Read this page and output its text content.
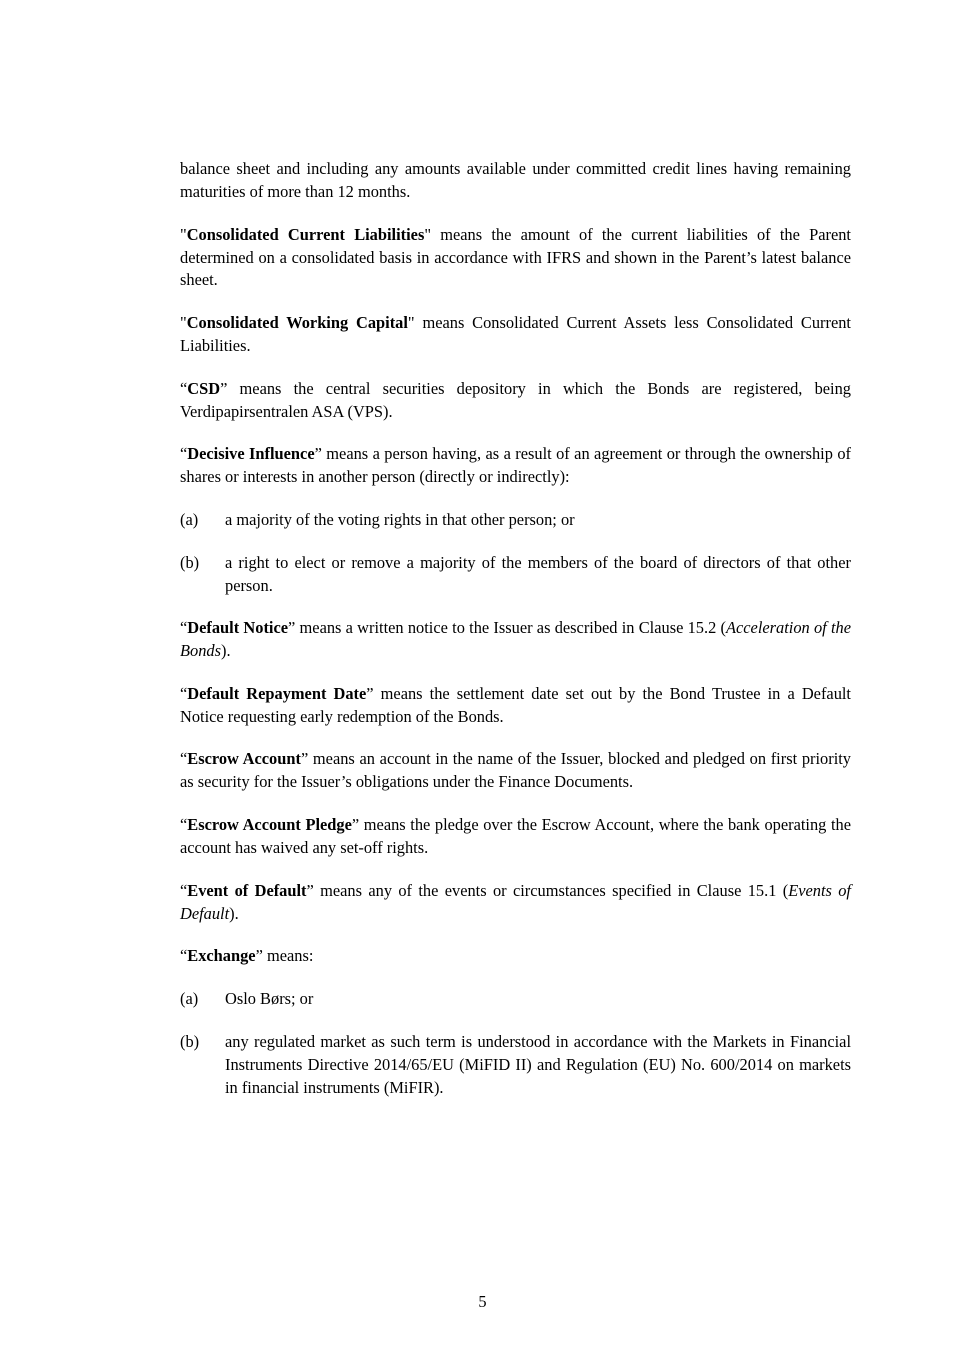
balance sheet and including any amounts available under committed credit lines having remaining maturities of more than 12 months.

"Consolidated Current Liabilities" means the amount of the current liabilities of the Parent determined on a consolidated basis in accordance with IFRS and shown in the Parent’s latest balance sheet.

"Consolidated Working Capital" means Consolidated Current Assets less Consolidated Current Liabilities.

“CSD” means the central securities depository in which the Bonds are registered, being Verdipapirsentralen ASA (VPS).

“Decisive Influence” means a person having, as a result of an agreement or through the ownership of shares or interests in another person (directly or indirectly):

(a)	a majority of the voting rights in that other person; or
(b)	a right to elect or remove a majority of the members of the board of directors of that other person.

“Default Notice” means a written notice to the Issuer as described in Clause 15.2 (Acceleration of the Bonds).

“Default Repayment Date” means the settlement date set out by the Bond Trustee in a Default Notice requesting early redemption of the Bonds.

“Escrow Account” means an account in the name of the Issuer, blocked and pledged on first priority as security for the Issuer’s obligations under the Finance Documents.

“Escrow Account Pledge” means the pledge over the Escrow Account, where the bank operating the account has waived any set-off rights.

“Event of Default” means any of the events or circumstances specified in Clause 15.1 (Events of Default).

“Exchange” means:

(a)	Oslo Børs; or
(b)	any regulated market as such term is understood in accordance with the Markets in Financial Instruments Directive 2014/65/EU (MiFID II) and Regulation (EU) No. 600/2014 on markets in financial instruments (MiFIR).
5
